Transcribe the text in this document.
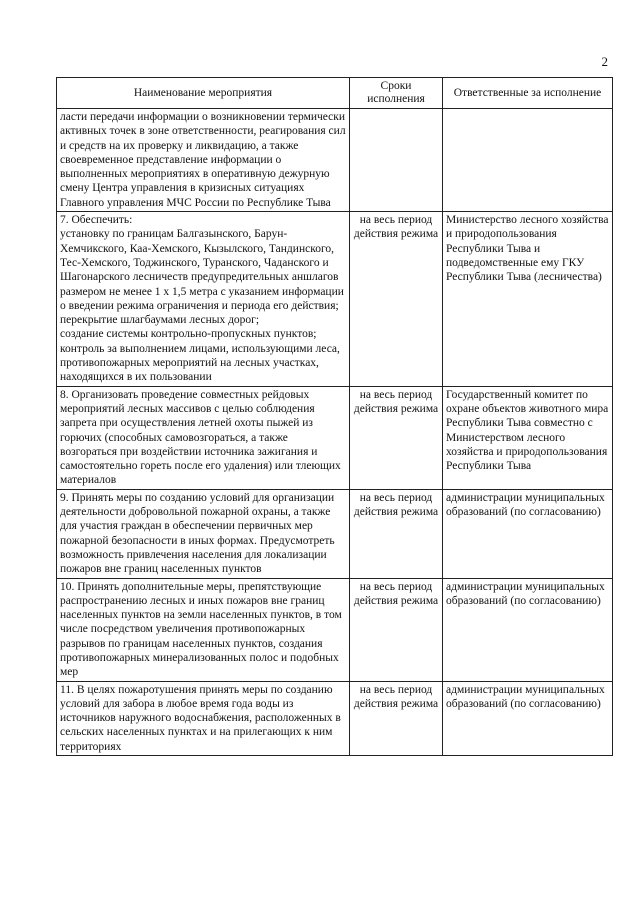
2
Наименование мероприятия	Сроки исполнения	Ответственные за исполнение

ласти передачи информации о возникновении термически активных точек в зоне ответственности, реагирования сил и средств на их проверку и ликвидацию, а также своевременное представление информации о выполненных мероприятиях в оперативную дежурную смену Центра управления в кризисных ситуациях Главного управления МЧС России по Республике Тыва		

7. Обеспечить:
установку по границам Балгазынского, Барун-Хемчикского, Каа-Хемского, Кызылского, Тандинского, Тес-Хемского, Тоджинского, Туранского, Чаданского и Шагонарского лесничеств предупредительных аншлагов размером не менее 1 х 1,5 метра с указанием информации о введении режима ограничения и периода его действия;
перекрытие шлагбаумами лесных дорог;
создание системы контрольно-пропускных пунктов;
контроль за выполнением лицами, использующими леса, противопожарных мероприятий на лесных участках, находящихся в их пользовании	на весь период действия режима	Министерство лесного хозяйства и природопользования Республики Тыва и подведомственные ему ГКУ Республики Тыва (лесничества)

8. Организовать проведение совместных рейдовых мероприятий лесных массивов с целью соблюдения запрета при осуществления летней охоты пыжей из горючих (способных самовозгораться, а также возгораться при воздействии источника зажигания и самостоятельно гореть после его удаления) или тлеющих материалов	на весь период действия режима	Государственный комитет по охране объектов животного мира Республики Тыва совместно с Министерством лесного хозяйства и природопользования Республики Тыва

9. Принять меры по созданию условий для организации деятельности добровольной пожарной охраны, а также для участия граждан в обеспечении первичных мер пожарной безопасности в иных формах. Предусмотреть возможность привлечения населения для локализации пожаров вне границ населенных пунктов	на весь период действия режима	администрации муниципальных образований (по согласованию)

10. Принять дополнительные меры, препятствующие распространению лесных и иных пожаров вне границ населенных пунктов на земли населенных пунктов, в том числе посредством увеличения противопожарных разрывов по границам населенных пунктов, создания противопожарных минерализованных полос и подобных мер	на весь период действия режима	администрации муниципальных образований (по согласованию)

11. В целях пожаротушения принять меры по созданию условий для забора в любое время года воды из источников наружного водоснабжения, расположенных в сельских населенных пунктах и на прилегающих к ним территориях	на весь период действия режима	администрации муниципальных образований (по согласованию)
